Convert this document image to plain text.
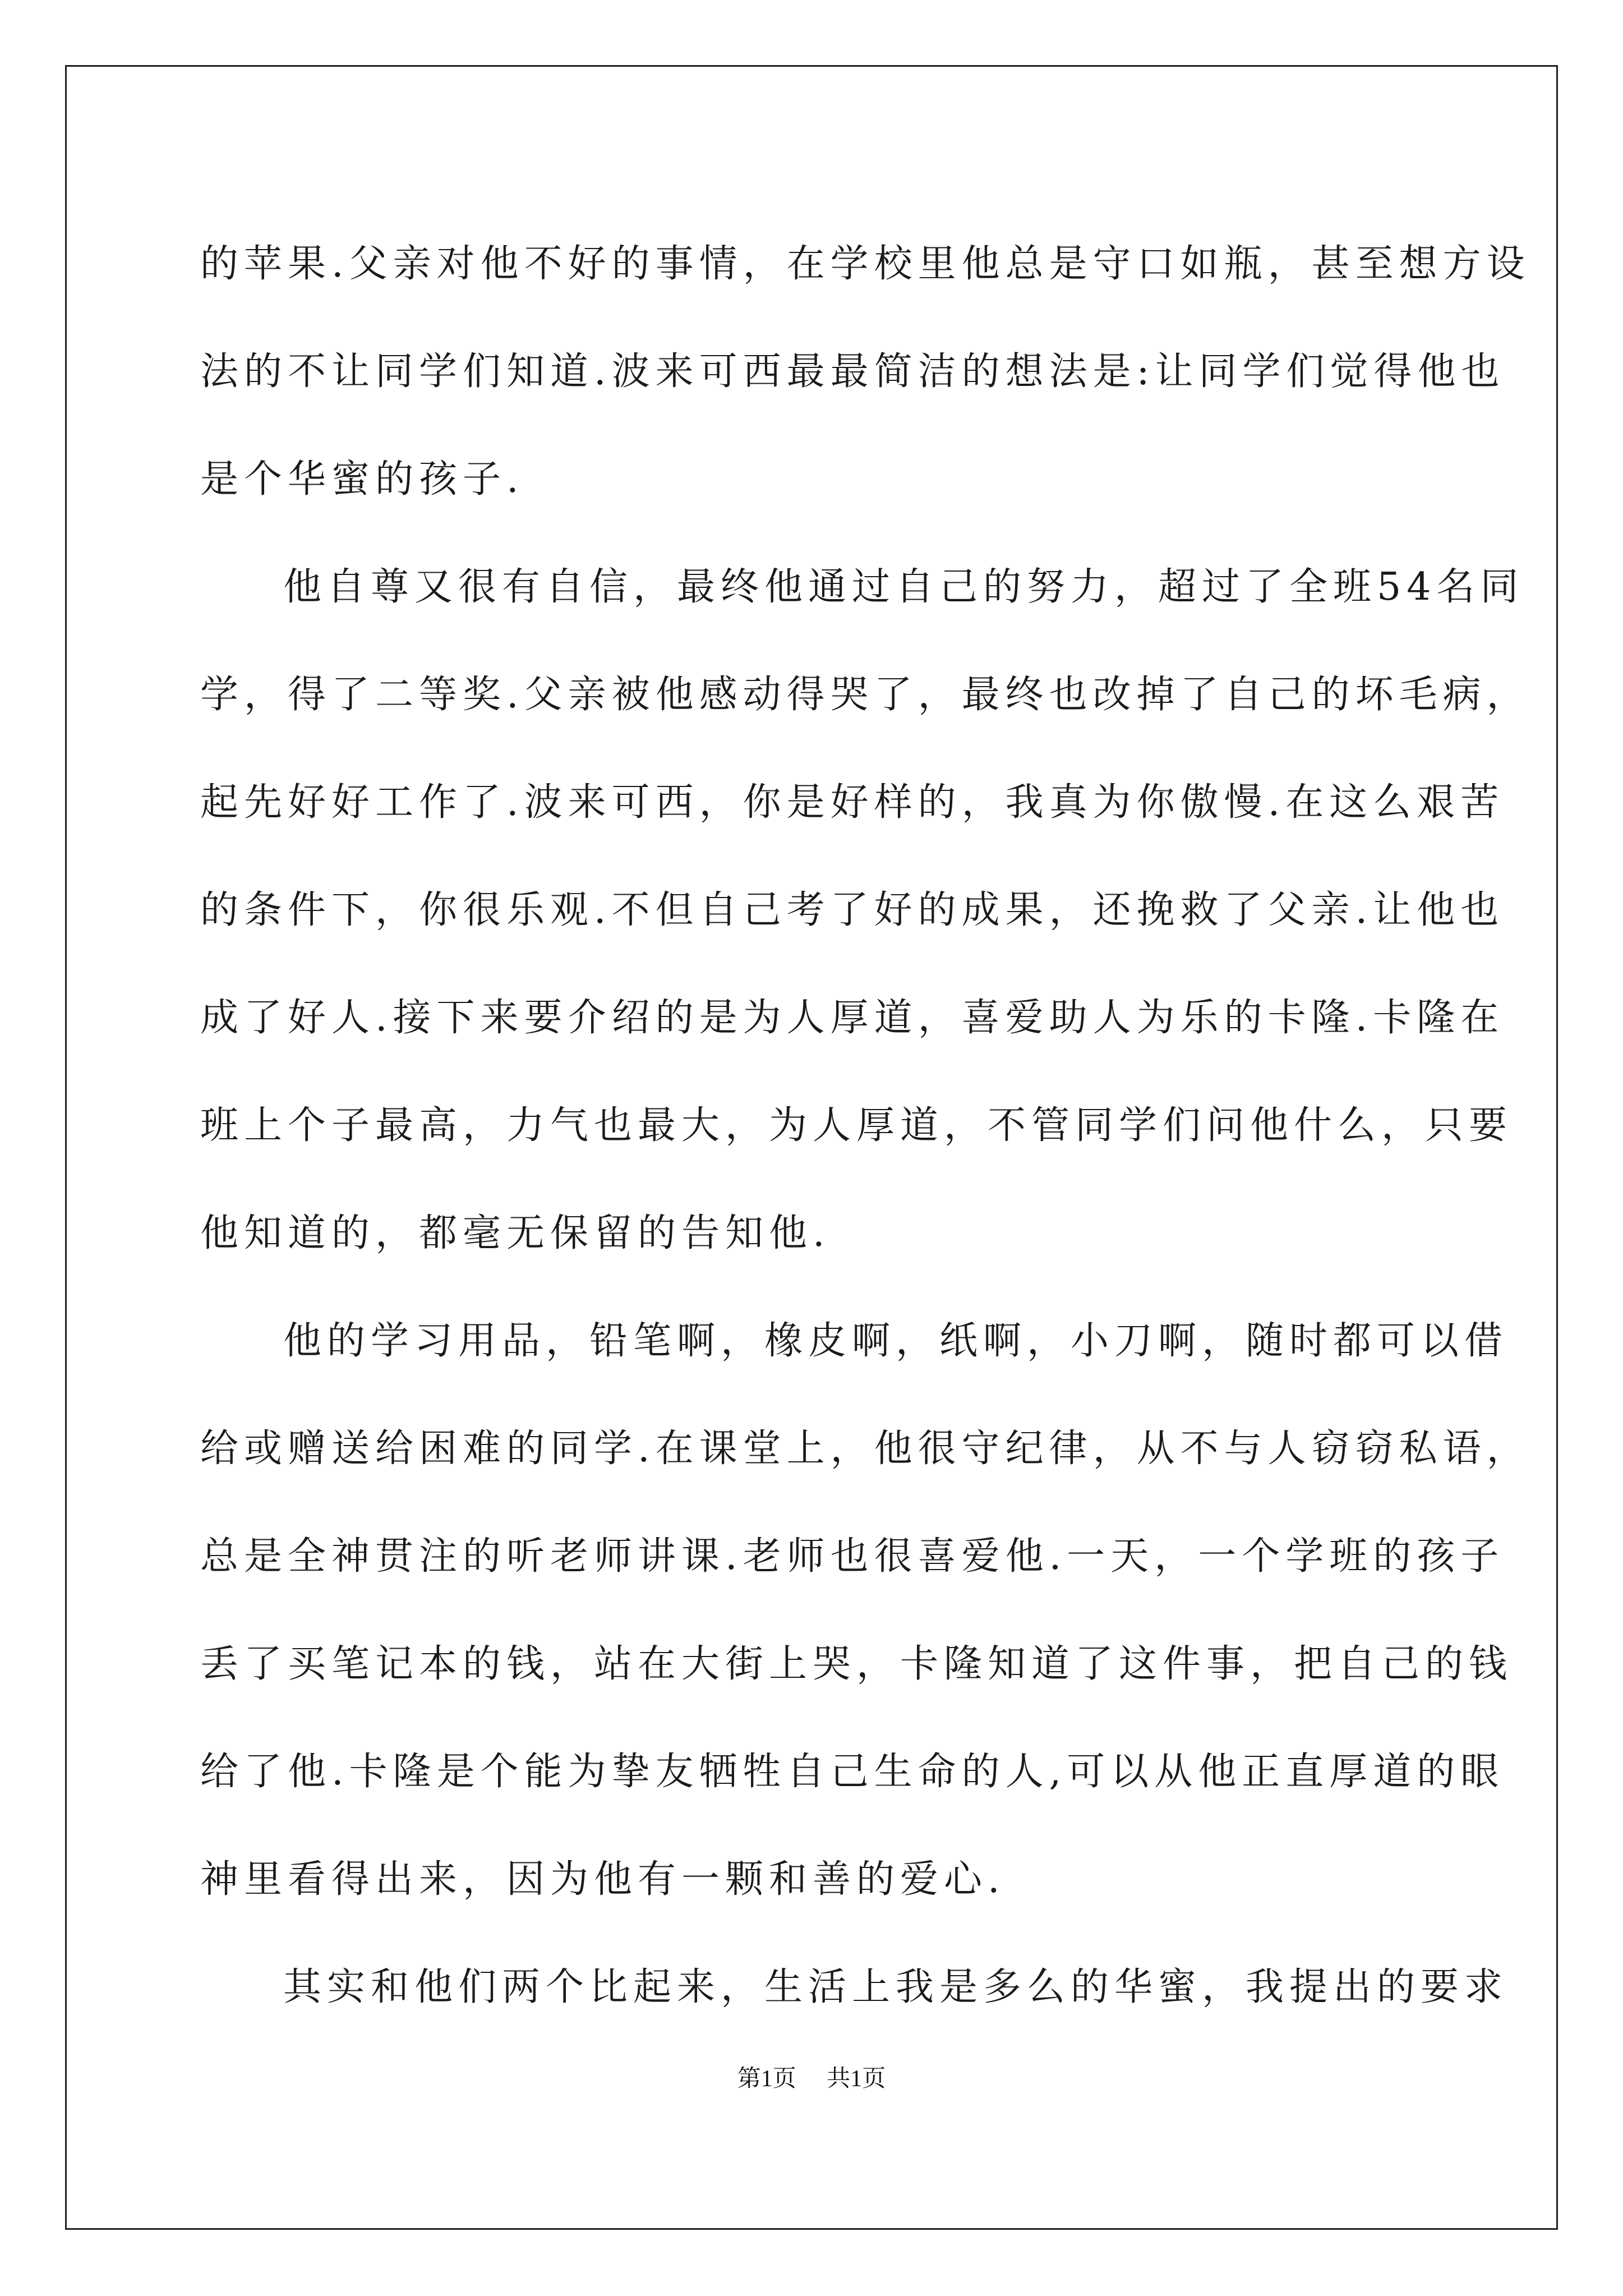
的苹果.父亲对他不好的事情，在学校里他总是守口如瓶，甚至想方设
法的不让同学们知道.波来可西最最简洁的想法是:让同学们觉得他也
是个华蜜的孩子.
他自尊又很有自信，最终他通过自己的努力，超过了全班54名同
学，得了二等奖.父亲被他感动得哭了，最终也改掉了自己的坏毛病，
起先好好工作了.波来可西，你是好样的，我真为你傲慢.在这么艰苦
的条件下，你很乐观.不但自己考了好的成果，还挽救了父亲.让他也
成了好人.接下来要介绍的是为人厚道，喜爱助人为乐的卡隆.卡隆在
班上个子最高，力气也最大，为人厚道，不管同学们问他什么，只要
他知道的，都毫无保留的告知他.
他的学习用品，铅笔啊，橡皮啊，纸啊，小刀啊，随时都可以借
给或赠送给困难的同学.在课堂上，他很守纪律，从不与人窃窃私语，
总是全神贯注的听老师讲课.老师也很喜爱他.一天，一个学班的孩子
丢了买笔记本的钱，站在大街上哭，卡隆知道了这件事，把自己的钱
给了他.卡隆是个能为挚友牺牲自己生命的人,可以从他正直厚道的眼
神里看得出来，因为他有一颗和善的爱心.
其实和他们两个比起来，生活上我是多么的华蜜，我提出的要求
第1页 共1页
